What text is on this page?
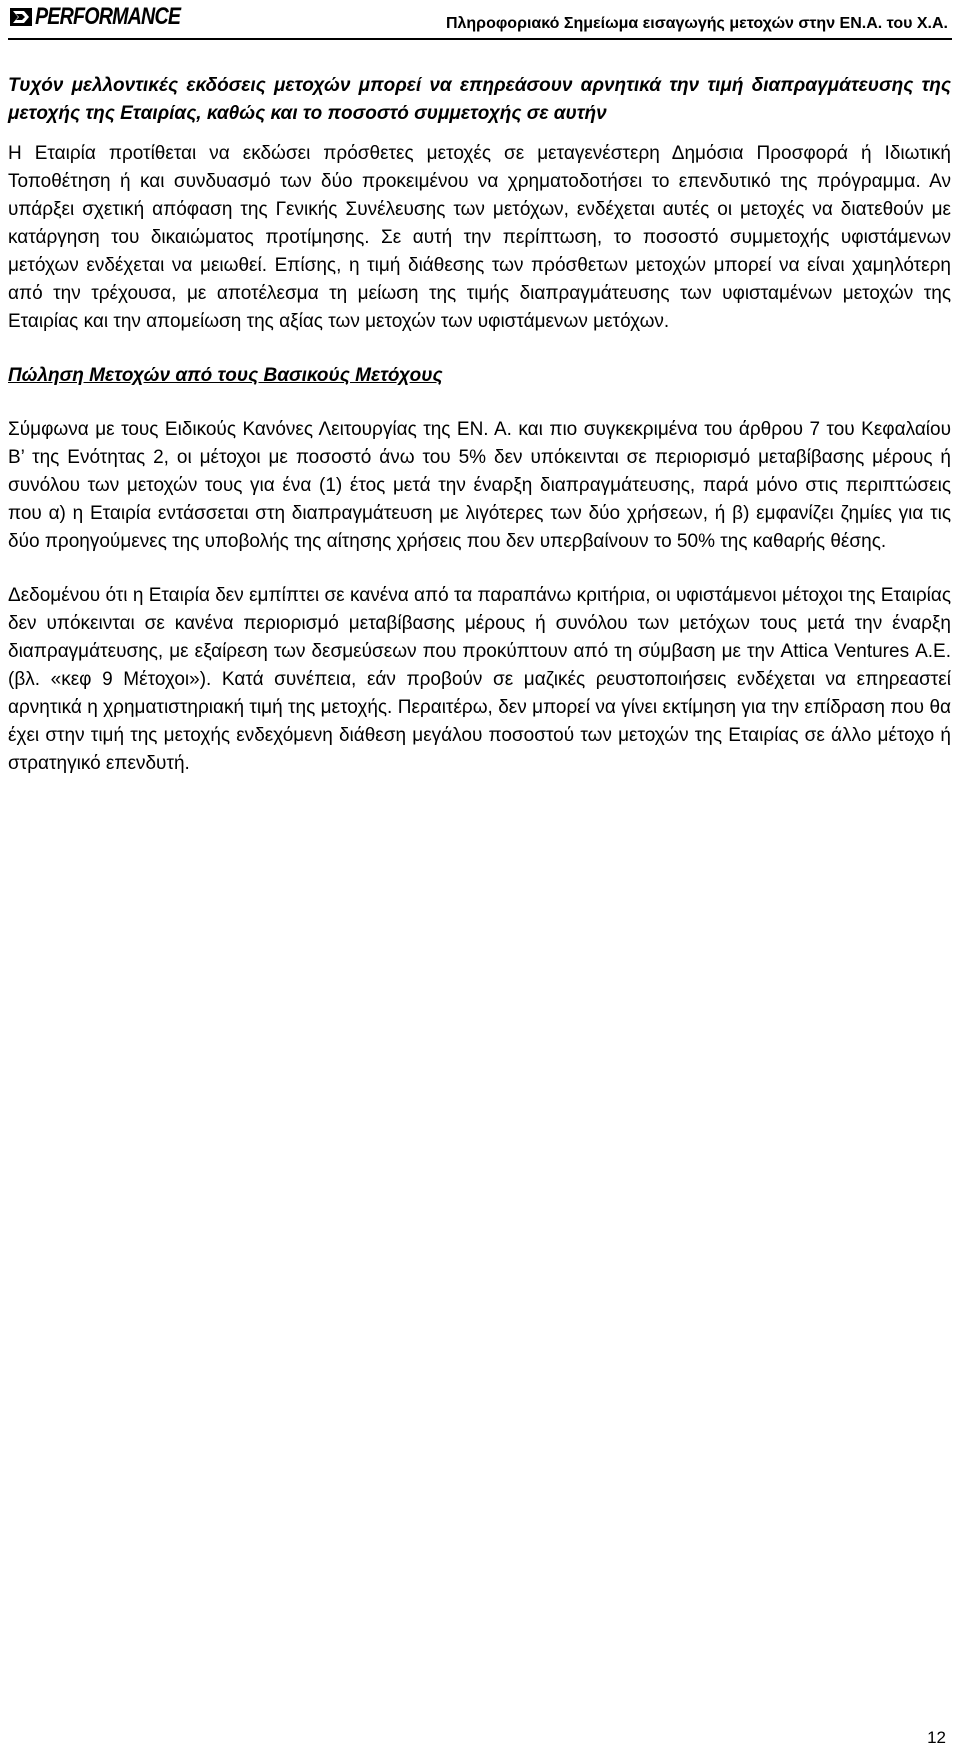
PERFORMANCE	Πληροφοριακό Σημείωμα εισαγωγής μετοχών στην ΕΝ.Α. του Χ.Α.

Τυχόν μελλοντικές εκδόσεις μετοχών μπορεί να επηρεάσουν αρνητικά την τιμή διαπραγμάτευσης της μετοχής της Εταιρίας, καθώς και το ποσοστό συμμετοχής σε αυτήν

Η Εταιρία προτίθεται να εκδώσει πρόσθετες μετοχές σε μεταγενέστερη Δημόσια Προσφορά ή Ιδιωτική Τοποθέτηση ή και συνδυασμό των δύο προκειμένου να χρηματοδοτήσει το επενδυτικό της πρόγραμμα. Αν υπάρξει σχετική απόφαση της Γενικής Συνέλευσης των μετόχων, ενδέχεται αυτές οι μετοχές να διατεθούν με κατάργηση του δικαιώματος προτίμησης. Σε αυτή την περίπτωση, το ποσοστό συμμετοχής υφιστάμενων μετόχων ενδέχεται να μειωθεί. Επίσης, η τιμή διάθεσης των πρόσθετων μετοχών μπορεί να είναι χαμηλότερη από την τρέχουσα, με αποτέλεσμα τη μείωση της τιμής διαπραγμάτευσης των υφισταμένων μετοχών της Εταιρίας και την απομείωση της αξίας των μετοχών των υφιστάμενων μετόχων.

Πώληση Μετοχών από τους Βασικούς Μετόχους

Σύμφωνα με τους Ειδικούς Κανόνες Λειτουργίας της ΕΝ. Α. και πιο συγκεκριμένα του άρθρου 7 του Κεφαλαίου Β’ της Ενότητας 2, οι μέτοχοι με ποσοστό άνω του 5% δεν υπόκεινται σε περιορισμό μεταβίβασης μέρους ή συνόλου των μετοχών τους για ένα (1) έτος μετά την έναρξη διαπραγμάτευσης, παρά μόνο στις περιπτώσεις που α) η Εταιρία εντάσσεται στη διαπραγμάτευση με λιγότερες των δύο χρήσεων, ή β) εμφανίζει ζημίες για τις δύο προηγούμενες της υποβολής της αίτησης χρήσεις που δεν υπερβαίνουν το 50% της καθαρής θέσης.

Δεδομένου ότι η Εταιρία δεν εμπίπτει σε κανένα από τα παραπάνω κριτήρια, οι υφιστάμενοι μέτοχοι της Εταιρίας δεν υπόκεινται σε κανένα περιορισμό μεταβίβασης μέρους ή συνόλου των μετόχων τους μετά την έναρξη διαπραγμάτευσης, με εξαίρεση των δεσμεύσεων που προκύπτουν από τη σύμβαση με την Attica Ventures Α.Ε. (βλ. «κεφ 9 Μέτοχοι»). Κατά συνέπεια, εάν προβούν σε μαζικές ρευστοποιήσεις ενδέχεται να επηρεαστεί αρνητικά η χρηματιστηριακή τιμή της μετοχής. Περαιτέρω, δεν μπορεί να γίνει εκτίμηση για την επίδραση που θα έχει στην τιμή της μετοχής ενδεχόμενη διάθεση μεγάλου ποσοστού των μετοχών της Εταιρίας σε άλλο μέτοχο ή στρατηγικό επενδυτή.

12
